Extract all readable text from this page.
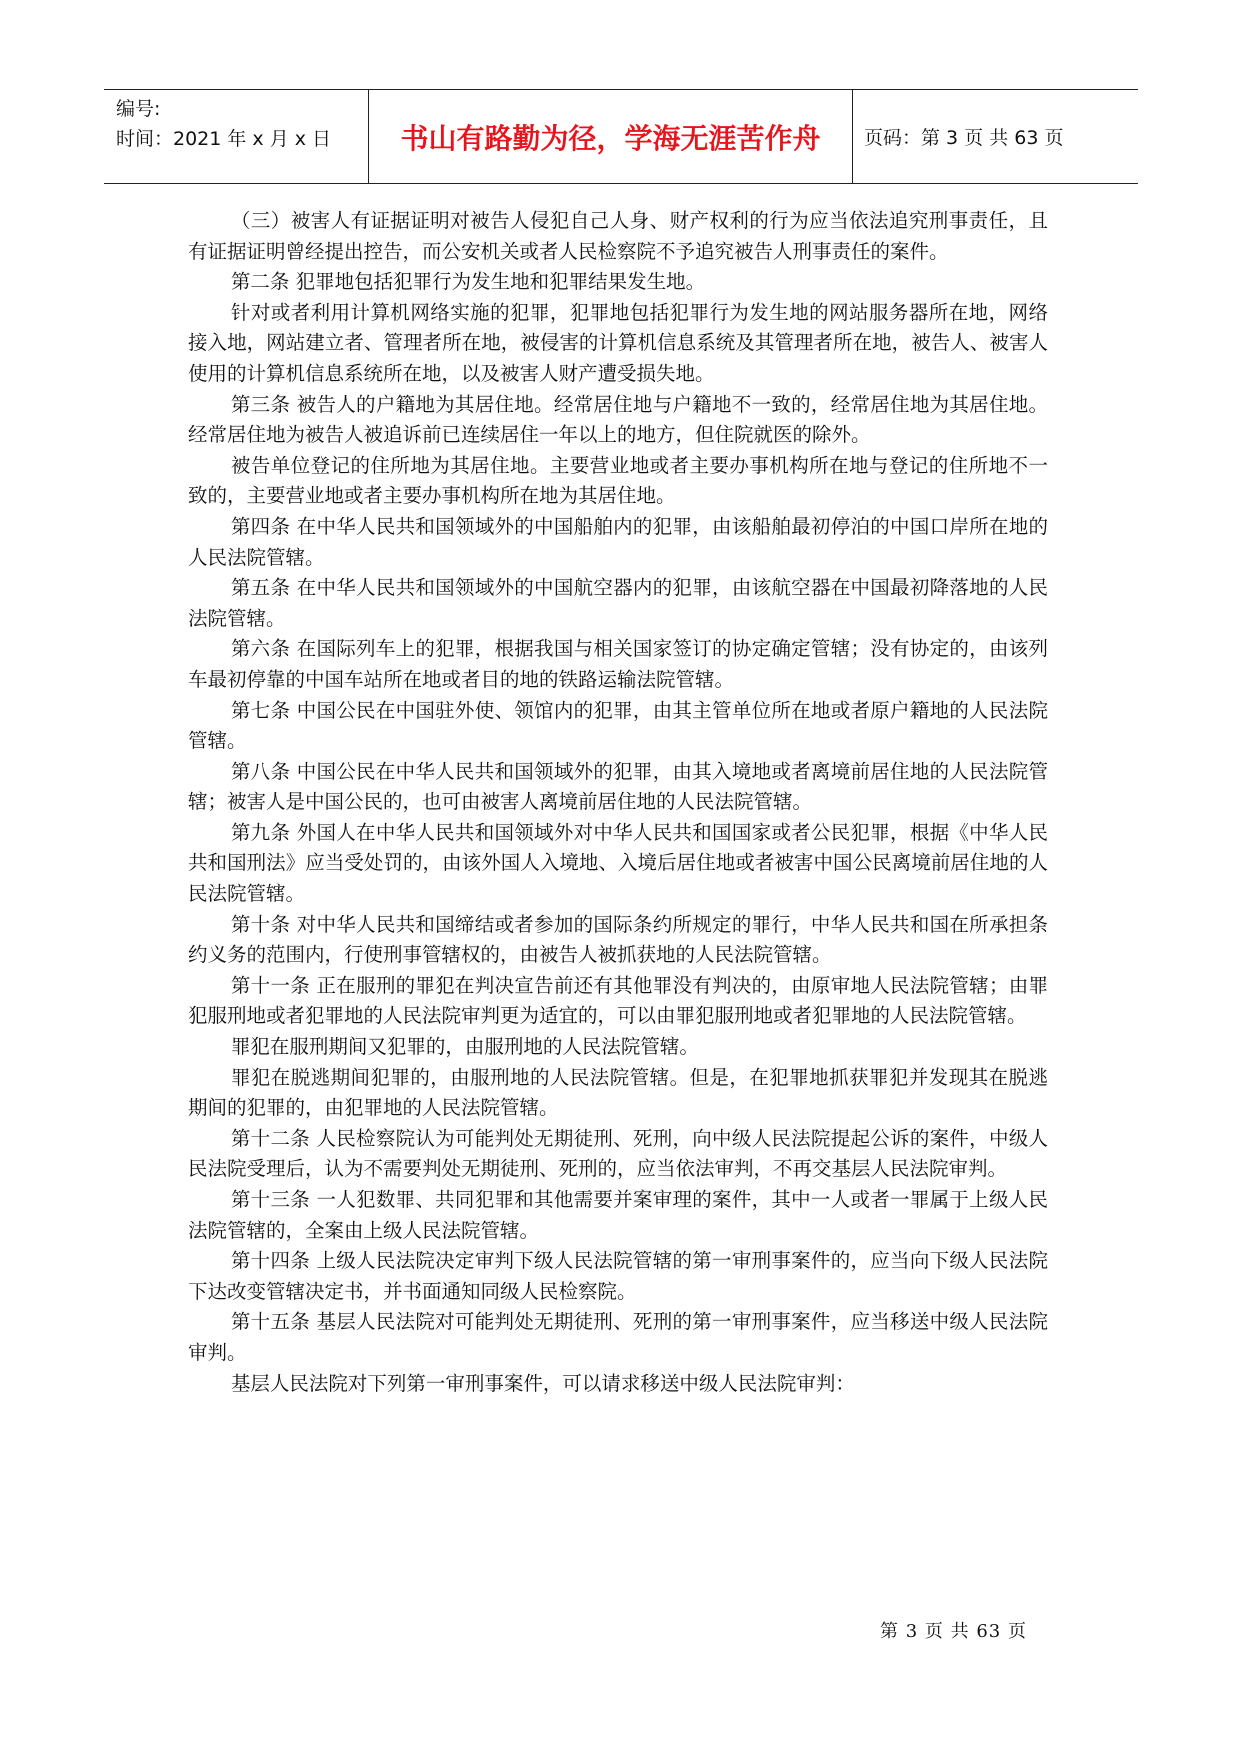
编号:
时间：2021 年 x 月 x 日	书山有路勤为径，学海无涯苦作舟	页码：第 3 页 共 63 页

（三）被害人有证据证明对被告人侵犯自己人身、财产权利的行为应当依法追究刑事责任，且有证据证明曾经提出控告，而公安机关或者人民检察院不予追究被告人刑事责任的案件。

第二条 犯罪地包括犯罪行为发生地和犯罪结果发生地。

针对或者利用计算机网络实施的犯罪，犯罪地包括犯罪行为发生地的网站服务器所在地，网络接入地，网站建立者、管理者所在地，被侵害的计算机信息系统及其管理者所在地，被告人、被害人使用的计算机信息系统所在地，以及被害人财产遭受损失地。

第三条 被告人的户籍地为其居住地。经常居住地与户籍地不一致的，经常居住地为其居住地。经常居住地为被告人被追诉前已连续居住一年以上的地方，但住院就医的除外。

被告单位登记的住所地为其居住地。主要营业地或者主要办事机构所在地与登记的住所地不一致的，主要营业地或者主要办事机构所在地为其居住地。

第四条 在中华人民共和国领域外的中国船舶内的犯罪，由该船舶最初停泊的中国口岸所在地的人民法院管辖。

第五条 在中华人民共和国领域外的中国航空器内的犯罪，由该航空器在中国最初降落地的人民法院管辖。

第六条 在国际列车上的犯罪，根据我国与相关国家签订的协定确定管辖；没有协定的，由该列车最初停靠的中国车站所在地或者目的地的铁路运输法院管辖。

第七条 中国公民在中国驻外使、领馆内的犯罪，由其主管单位所在地或者原户籍地的人民法院管辖。

第八条 中国公民在中华人民共和国领域外的犯罪，由其入境地或者离境前居住地的人民法院管辖；被害人是中国公民的，也可由被害人离境前居住地的人民法院管辖。

第九条 外国人在中华人民共和国领域外对中华人民共和国国家或者公民犯罪，根据《中华人民共和国刑法》应当受处罚的，由该外国人入境地、入境后居住地或者被害中国公民离境前居住地的人民法院管辖。

第十条 对中华人民共和国缔结或者参加的国际条约所规定的罪行，中华人民共和国在所承担条约义务的范围内，行使刑事管辖权的，由被告人被抓获地的人民法院管辖。

第十一条 正在服刑的罪犯在判决宣告前还有其他罪没有判决的，由原审地人民法院管辖；由罪犯服刑地或者犯罪地的人民法院审判更为适宜的，可以由罪犯服刑地或者犯罪地的人民法院管辖。

罪犯在服刑期间又犯罪的，由服刑地的人民法院管辖。

罪犯在脱逃期间犯罪的，由服刑地的人民法院管辖。但是，在犯罪地抓获罪犯并发现其在脱逃期间的犯罪的，由犯罪地的人民法院管辖。

第十二条 人民检察院认为可能判处无期徒刑、死刑，向中级人民法院提起公诉的案件，中级人民法院受理后，认为不需要判处无期徒刑、死刑的，应当依法审判，不再交基层人民法院审判。

第十三条 一人犯数罪、共同犯罪和其他需要并案审理的案件，其中一人或者一罪属于上级人民法院管辖的，全案由上级人民法院管辖。

第十四条 上级人民法院决定审判下级人民法院管辖的第一审刑事案件的，应当向下级人民法院下达改变管辖决定书，并书面通知同级人民检察院。

第十五条 基层人民法院对可能判处无期徒刑、死刑的第一审刑事案件，应当移送中级人民法院审判。

基层人民法院对下列第一审刑事案件，可以请求移送中级人民法院审判：

第 3 页 共 63 页
